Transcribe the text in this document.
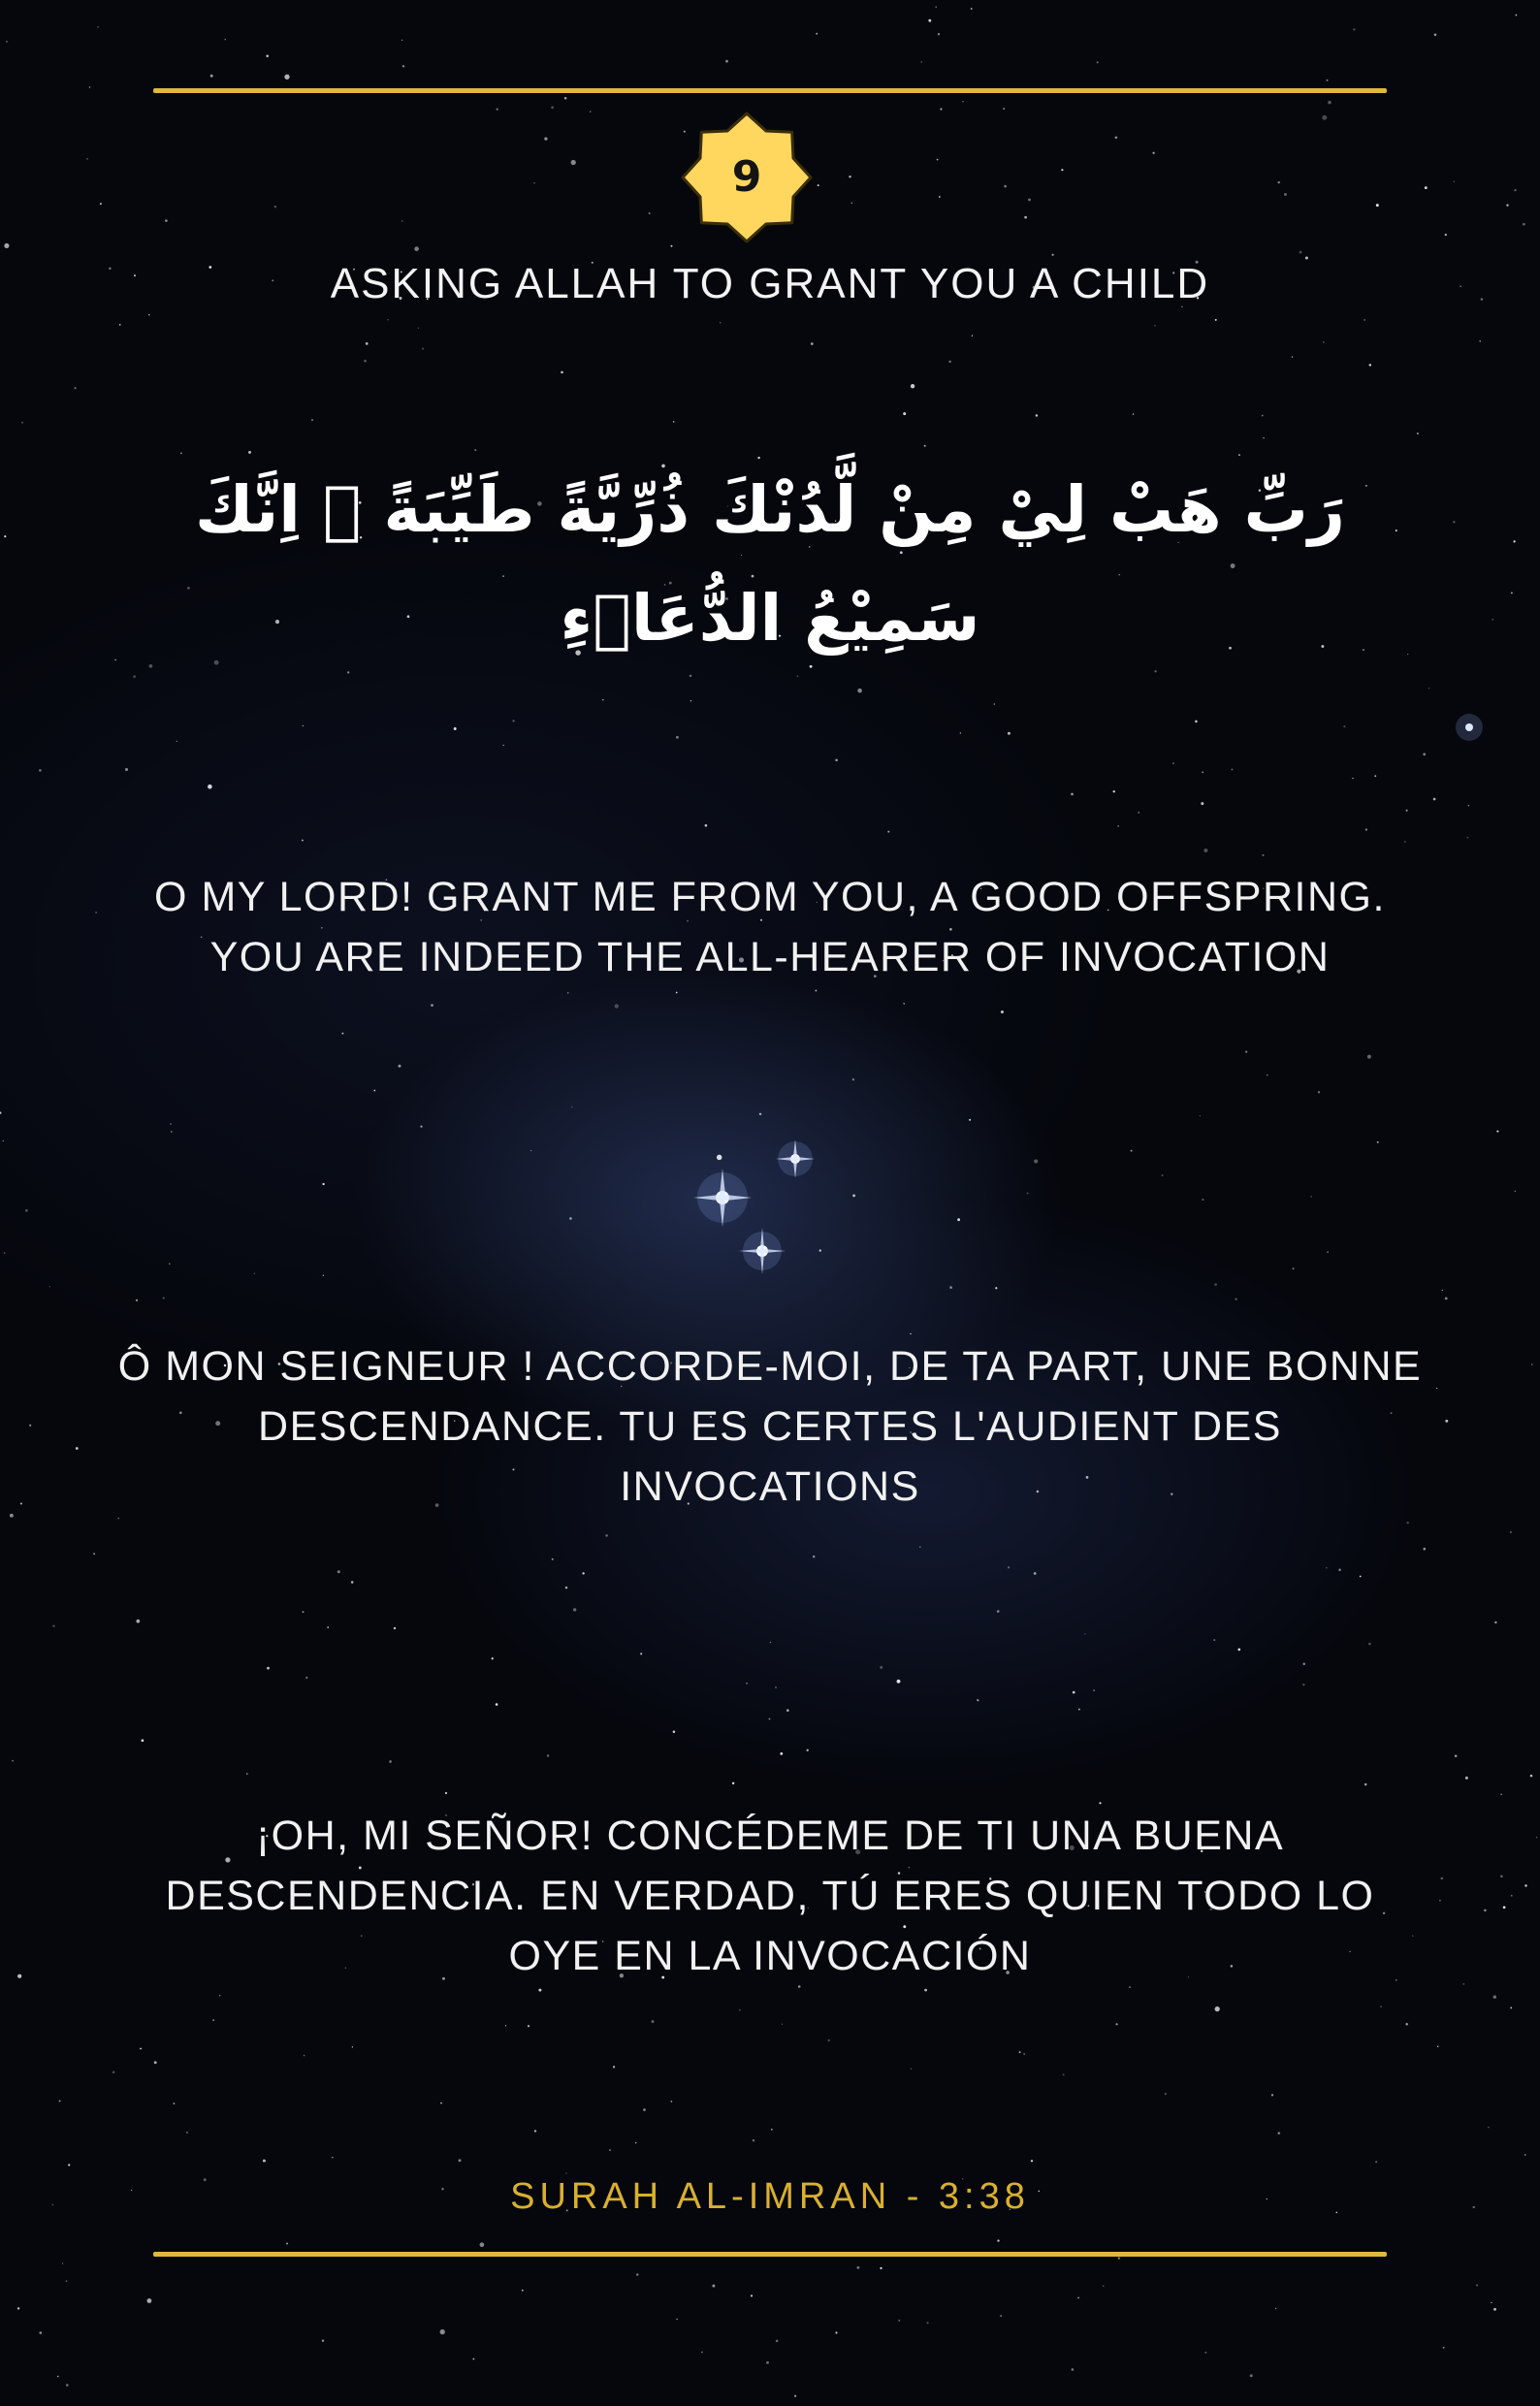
9
ASKING ALLAH TO GRANT YOU A CHILD
رَبِّ هَبْ لِيْ مِنْ لَّدُنْكَ ذُرِّيَّةً طَيِّبَةً ۚ اِنَّكَ سَمِيْعُ الدُّعَاۤءِ
O MY LORD! GRANT ME FROM YOU, A GOOD OFFSPRING. YOU ARE INDEED THE ALL-HEARER OF INVOCATION
Ô MON SEIGNEUR ! ACCORDE-MOI, DE TA PART, UNE BONNE DESCENDANCE. TU ES CERTES L'AUDIENT DES INVOCATIONS
¡OH, MI SEÑOR! CONCÉDEME DE TI UNA BUENA DESCENDENCIA. EN VERDAD, TÚ ERES QUIEN TODO LO OYE EN LA INVOCACIÓN
SURAH AL-IMRAN - 3:38
